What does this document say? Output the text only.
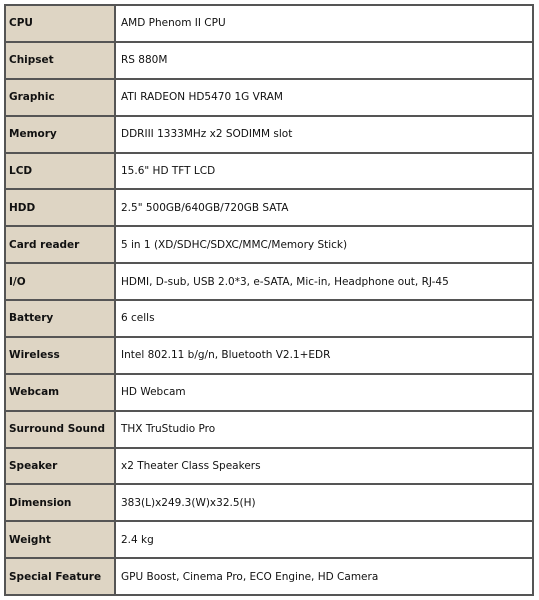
CPU	AMD Phenom II CPU
Chipset	RS 880M
Graphic	ATI RADEON HD5470 1G VRAM
Memory	DDRIII 1333MHz x2 SODIMM slot
LCD	15.6" HD TFT LCD
HDD	2.5" 500GB/640GB/720GB SATA
Card reader	5 in 1 (XD/SDHC/SDXC/MMC/Memory Stick)
I/O	HDMI, D-sub, USB 2.0*3, e-SATA, Mic-in, Headphone out, RJ-45
Battery	6 cells
Wireless	Intel 802.11 b/g/n, Bluetooth V2.1+EDR
Webcam	HD Webcam
Surround Sound	THX TruStudio Pro
Speaker	x2 Theater Class Speakers
Dimension	383(L)x249.3(W)x32.5(H)
Weight	2.4 kg
Special Feature	GPU Boost, Cinema Pro, ECO Engine, HD Camera
